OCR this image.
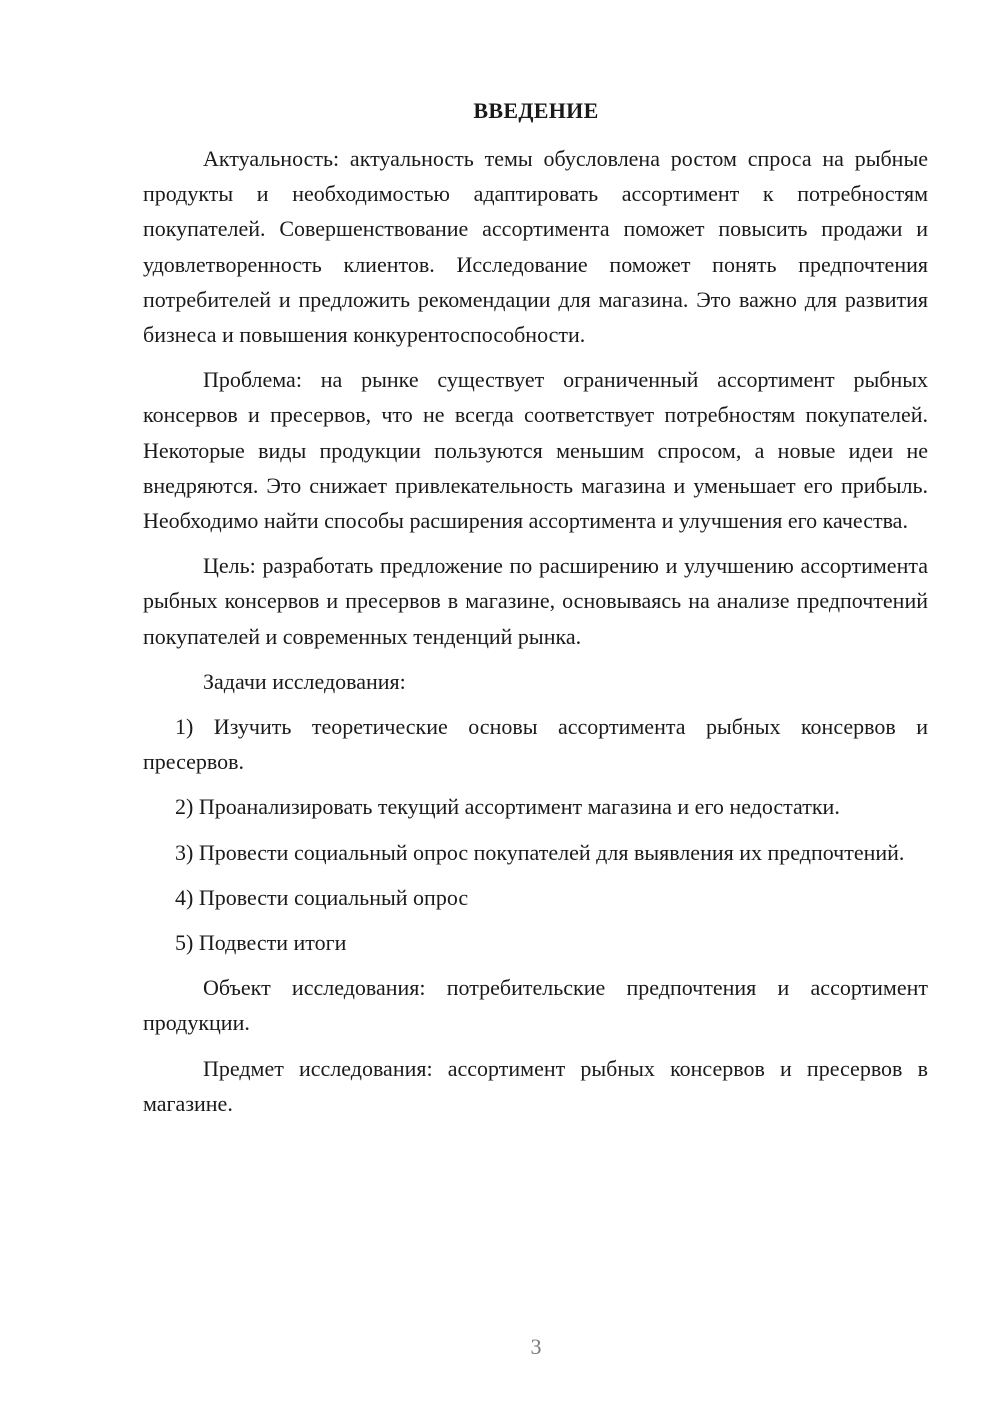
ВВЕДЕНИЕ

Актуальность: актуальность темы обусловлена ростом спроса на рыбные продукты и необходимостью адаптировать ассортимент к потребностям покупателей. Совершенствование ассортимента поможет повысить продажи и удовлетворенность клиентов. Исследование поможет понять предпочтения потребителей и предложить рекомендации для магазина. Это важно для развития бизнеса и повышения конкурентоспособности.

Проблема: на рынке существует ограниченный ассортимент рыбных консервов и пресервов, что не всегда соответствует потребностям покупателей. Некоторые виды продукции пользуются меньшим спросом, а новые идеи не внедряются. Это снижает привлекательность магазина и уменьшает его прибыль. Необходимо найти способы расширения ассортимента и улучшения его качества.

Цель: разработать предложение по расширению и улучшению ассортимента рыбных консервов и пресервов в магазине, основываясь на анализе предпочтений покупателей и современных тенденций рынка.

Задачи исследования:

1) Изучить теоретические основы ассортимента рыбных консервов и пресервов.

2) Проанализировать текущий ассортимент магазина и его недостатки.

3) Провести социальный опрос покупателей для выявления их предпочтений.

4) Провести социальный опрос

5) Подвести итоги

Объект исследования: потребительские предпочтения и ассортимент продукции.

Предмет исследования: ассортимент рыбных консервов и пресервов в магазине.

3
